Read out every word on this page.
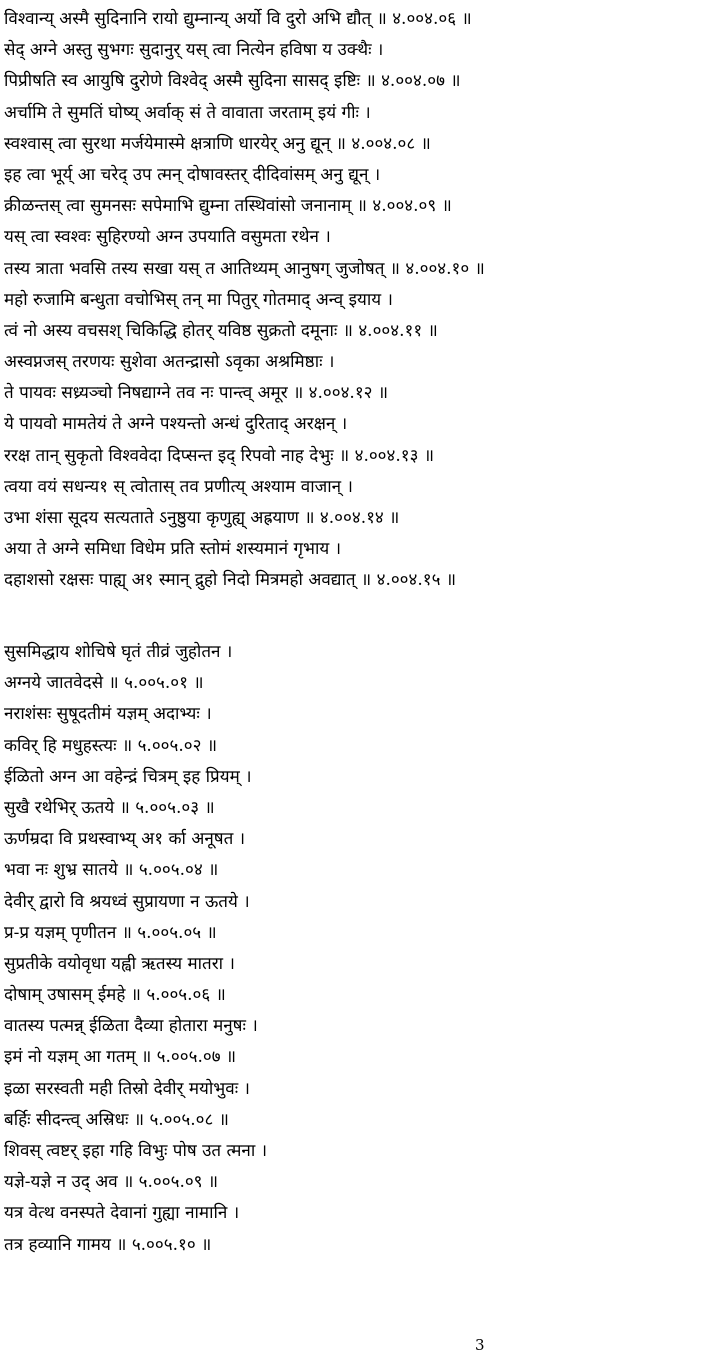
विश्वान्य् अस्मै सुदिनानि रायो द्युम्नान्य् अर्यो वि दुरो अभि द्यौत् ॥ ४.००४.०६ ॥
सेद् अग्ने अस्तु सुभगः सुदानुर् यस् त्वा नित्येन हविषा य उक्थैः ।
पिप्रीषति स्व आयुषि दुरोणे विश्वेद् अस्मै सुदिना सासद् इष्टिः ॥ ४.००४.०७ ॥
अर्चामि ते सुमतिं घोष्य् अर्वाक् सं ते वावाता जरताम् इयं गीः ।
स्वश्वास् त्वा सुरथा मर्जयेमास्मे क्षत्राणि धारयेर् अनु द्यून् ॥ ४.००४.०८ ॥
इह त्वा भूर्य् आ चरेद् उप त्मन् दोषावस्तर् दीदिवांसम् अनु द्यून् ।
क्रीळन्तस् त्वा सुमनसः सपेमाभि द्युम्ना तस्थिवांसो जनानाम् ॥ ४.००४.०९ ॥
यस् त्वा स्वश्वः सुहिरण्यो अग्न उपयाति वसुमता रथेन ।
तस्य त्राता भवसि तस्य सखा यस् त आतिथ्यम् आनुषग् जुजोषत् ॥ ४.००४.१० ॥
महो रुजामि बन्धुता वचोभिस् तन् मा पितुर् गोतमाद् अन्व् इयाय ।
त्वं नो अस्य वचसश् चिकिद्धि होतर् यविष्ठ सुक्रतो दमूनाः ॥ ४.००४.११ ॥
अस्वप्नजस् तरणयः सुशेवा अतन्द्रासो ऽवृका अश्रमिष्ठाः ।
ते पायवः सध्र्यञ्चो निषद्याग्ने तव नः पान्त्व् अमूर ॥ ४.००४.१२ ॥
ये पायवो मामतेयं ते अग्ने पश्यन्तो अन्धं दुरिताद् अरक्षन् ।
ररक्ष तान् सुकृतो विश्ववेदा दिप्सन्त इद् रिपवो नाह देभुः ॥ ४.००४.१३ ॥
त्वया वयं सधन्य१ स् त्वोतास् तव प्रणीत्य् अश्याम वाजान् ।
उभा शंसा सूदय सत्यताते ऽनुष्ठुया कृणुह्य् अह्रयाण ॥ ४.००४.१४ ॥
अया ते अग्ने समिधा विधेम प्रति स्तोमं शस्यमानं गृभाय ।
दहाशसो रक्षसः पाह्य् अ१ स्मान् द्रुहो निदो मित्रमहो अवद्यात् ॥ ४.००४.१५ ॥
सुसमिद्धाय शोचिषे घृतं तीव्रं जुहोतन ।
अग्नये जातवेदसे ॥ ५.००५.०१ ॥
नराशंसः सुषूदतीमं यज्ञम् अदाभ्यः ।
कविर् हि मधुहस्त्यः ॥ ५.००५.०२ ॥
ईळितो अग्न आ वहेन्द्रं चित्रम् इह प्रियम् ।
सुखै रथेभिर् ऊतये ॥ ५.००५.०३ ॥
ऊर्णम्रदा वि प्रथस्वाभ्य् अ१ र्का अनूषत ।
भवा नः शुभ्र सातये ॥ ५.००५.०४ ॥
देवीर् द्वारो वि श्रयध्वं सुप्रायणा न ऊतये ।
प्र-प्र यज्ञम् पृणीतन ॥ ५.००५.०५ ॥
सुप्रतीके वयोवृधा यह्वी ऋतस्य मातरा ।
दोषाम् उषासम् ईमहे ॥ ५.००५.०६ ॥
वातस्य पत्मन्न् ईळिता दैव्या होतारा मनुषः ।
इमं नो यज्ञम् आ गतम् ॥ ५.००५.०७ ॥
इळा सरस्वती मही तिस्रो देवीर् मयोभुवः ।
बर्हिः सीदन्त्व् अस्रिधः ॥ ५.००५.०८ ॥
शिवस् त्वष्टर् इहा गहि विभुः पोष उत त्मना ।
यज्ञे-यज्ञे न उद् अव ॥ ५.००५.०९ ॥
यत्र वेत्थ वनस्पते देवानां गुह्या नामानि ।
तत्र हव्यानि गामय ॥ ५.००५.१० ॥
3
